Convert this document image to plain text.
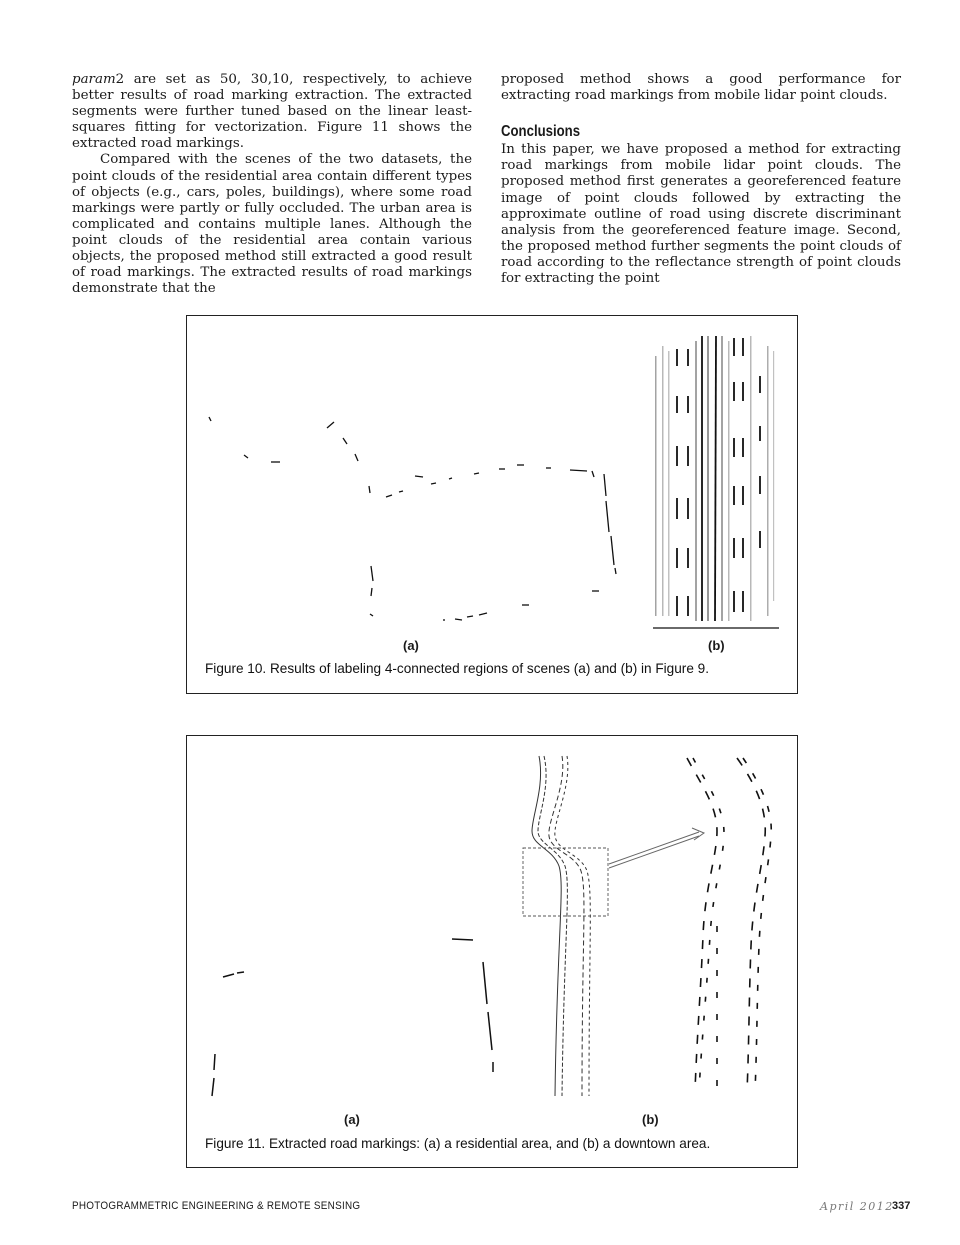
param2 are set as 50, 30,10, respectively, to achieve better results of road marking extraction. The extracted segments were further tuned based on the linear least-squares fitting for vectorization. Figure 11 shows the extracted road markings.

Compared with the scenes of the two datasets, the point clouds of the residential area contain different types of objects (e.g., cars, poles, buildings), where some road markings were partly or fully occluded. The urban area is complicated and contains multiple lanes. Although the point clouds of the residential area contain various objects, the proposed method still extracted a good result of road markings. The extracted results of road markings demonstrate that the

proposed method shows a good performance for extracting road markings from mobile lidar point clouds.

Conclusions

In this paper, we have proposed a method for extracting road markings from mobile lidar point clouds. The proposed method first generates a georeferenced feature image of point clouds followed by extracting the approximate outline of road using discrete discriminant analysis from the georeferenced feature image. Second, the proposed method further segments the point clouds of road according to the reflectance strength of point clouds for extracting the point

(a)	(b)
Figure 10. Results of labeling 4-connected regions of scenes (a) and (b) in Figure 9.
(a)	(b)
Figure 11. Extracted road markings: (a) a residential area, and (b) a downtown area.
PHOTOGRAMMETRIC ENGINEERING & REMOTE SENSING	April 2012
337
